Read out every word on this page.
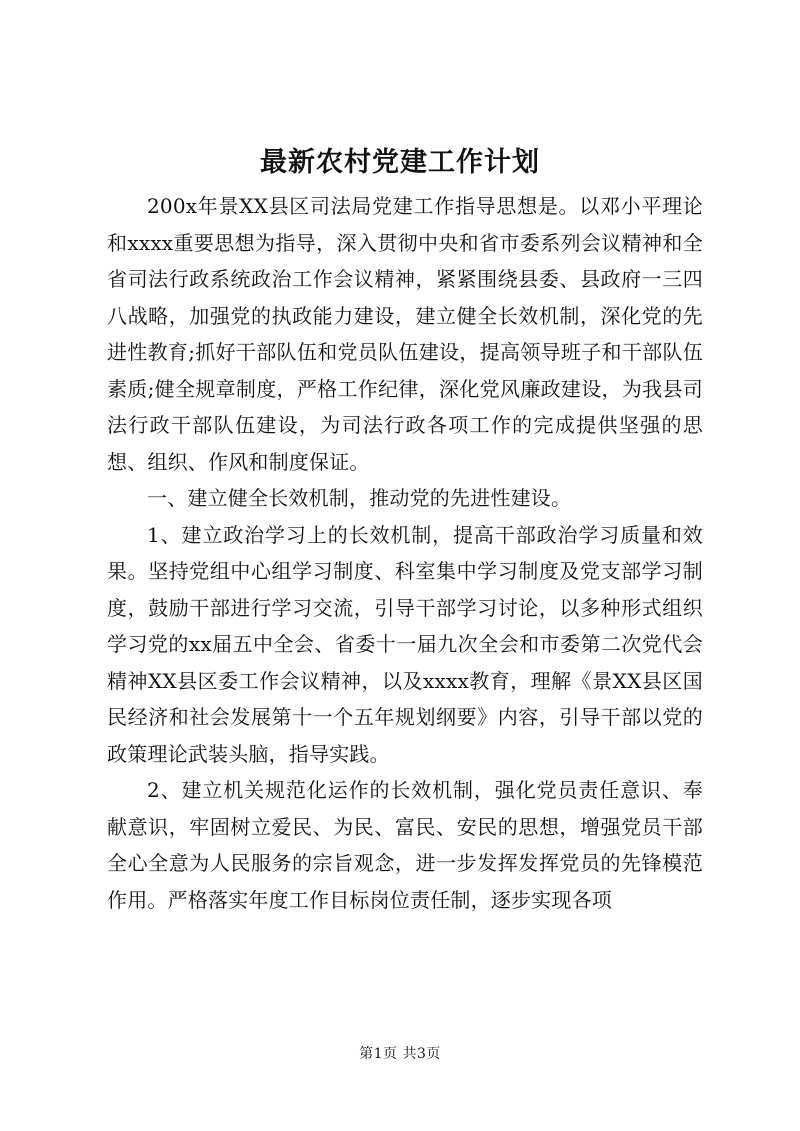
最新农村党建工作计划

200x年景XX县区司法局党建工作指导思想是。以邓小平理论和xxxx重要思想为指导，深入贯彻中央和省市委系列会议精神和全省司法行政系统政治工作会议精神，紧紧围绕县委、县政府一三四八战略，加强党的执政能力建设，建立健全长效机制，深化党的先进性教育;抓好干部队伍和党员队伍建设，提高领导班子和干部队伍素质;健全规章制度，严格工作纪律，深化党风廉政建设，为我县司法行政干部队伍建设，为司法行政各项工作的完成提供坚强的思想、组织、作风和制度保证。

一、建立健全长效机制，推动党的先进性建设。

1、建立政治学习上的长效机制，提高干部政治学习质量和效果。坚持党组中心组学习制度、科室集中学习制度及党支部学习制度，鼓励干部进行学习交流，引导干部学习讨论，以多种形式组织学习党的xx届五中全会、省委十一届九次全会和市委第二次党代会精神XX县区委工作会议精神，以及xxxx教育，理解《景XX县区国民经济和社会发展第十一个五年规划纲要》内容，引导干部以党的政策理论武装头脑，指导实践。

2、建立机关规范化运作的长效机制，强化党员责任意识、奉献意识，牢固树立爱民、为民、富民、安民的思想，增强党员干部全心全意为人民服务的宗旨观念，进一步发挥发挥党员的先锋模范作用。严格落实年度工作目标岗位责任制，逐步实现各项

第1页 共3页
